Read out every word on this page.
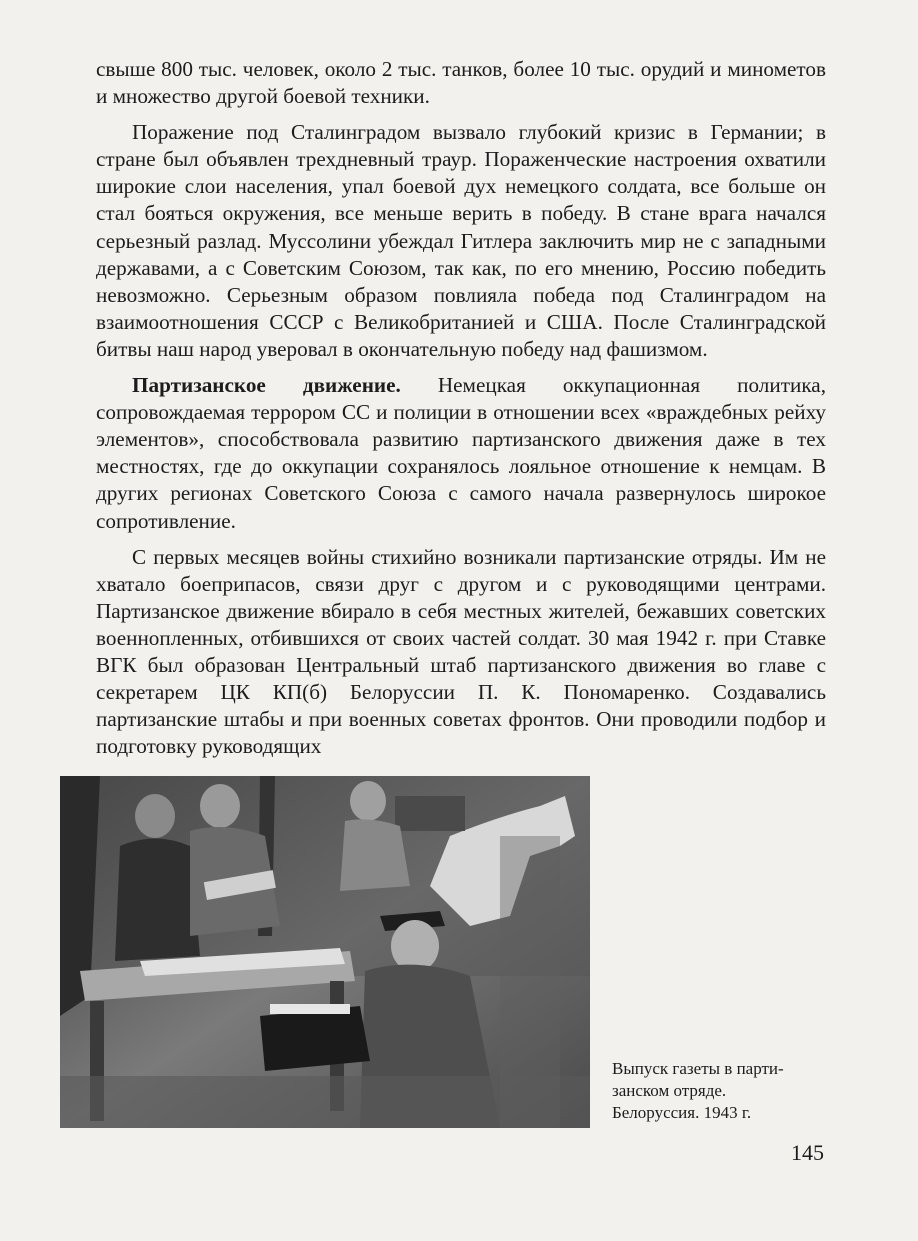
свыше 800 тыс. человек, около 2 тыс. танков, более 10 тыс. орудий и минометов и множество другой боевой техники.

Поражение под Сталинградом вызвало глубокий кризис в Германии; в стране был объявлен трехдневный траур. Пораженческие настроения охватили широкие слои населения, упал боевой дух немецкого солдата, все больше он стал бояться окружения, все меньше верить в победу. В стане врага начался серьезный разлад. Муссолини убеждал Гитлера заключить мир не с западными державами, а с Советским Союзом, так как, по его мнению, Россию победить невозможно. Серьезным образом повлияла победа под Сталинградом на взаимоотношения СССР с Великобританией и США. После Сталинградской битвы наш народ уверовал в окончательную победу над фашизмом.

Партизанское движение. Немецкая оккупационная политика, сопровождаемая террором СС и полиции в отношении всех «враждебных рейху элементов», способствовала развитию партизанского движения даже в тех местностях, где до оккупации сохранялось лояльное отношение к немцам. В других регионах Советского Союза с самого начала развернулось широкое сопротивление.

С первых месяцев войны стихийно возникали партизанские отряды. Им не хватало боеприпасов, связи друг с другом и с руководящими центрами. Партизанское движение вбирало в себя местных жителей, бежавших советских военнопленных, отбившихся от своих частей солдат. 30 мая 1942 г. при Ставке ВГК был образован Центральный штаб партизанского движения во главе с секретарем ЦК КП(б) Белоруссии П. К. Пономаренко. Создавались партизанские штабы и при военных советах фронтов. Они проводили подбор и подготовку руководящих

Выпуск газеты в парти-
занском отряде.
Белоруссия. 1943 г.
145
